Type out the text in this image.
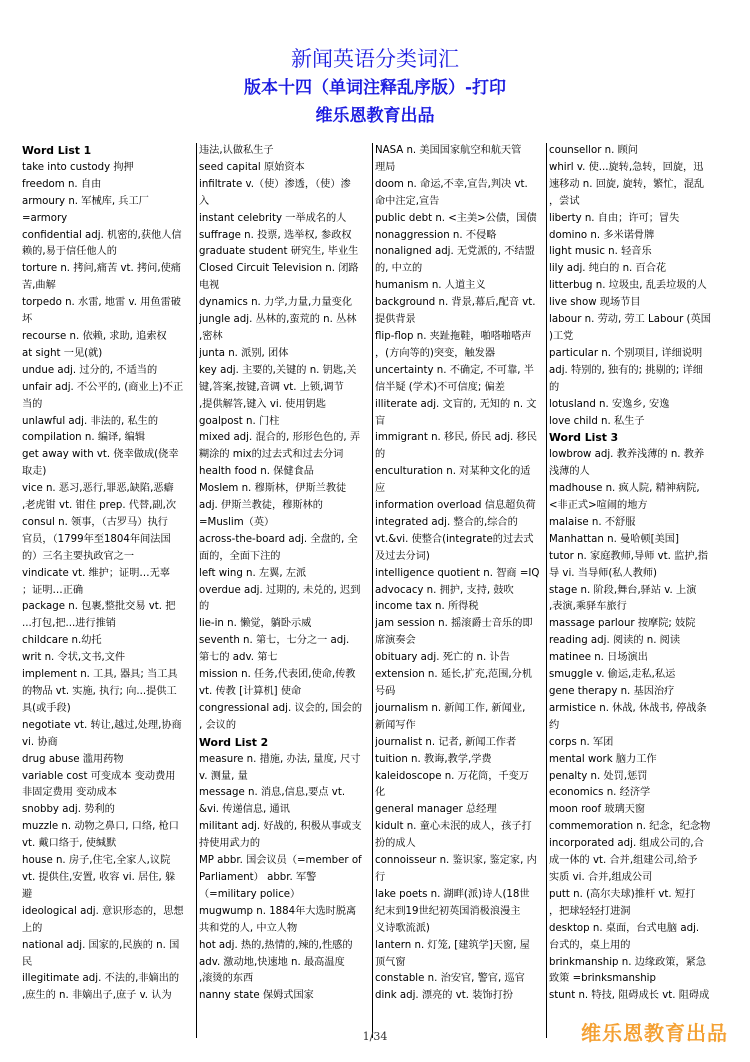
新闻英语分类词汇
版本十四（单词注释乱序版）-打印
维乐恩教育出品

Word List 1

take into custody 拘押

freedom n. 自由

armoury n. 军械库, 兵工厂

=armory

confidential adj. 机密的,获他人信

赖的,易于信任他人的

torture n. 拷问,痛苦 vt. 拷问,使痛

苦,曲解

torpedo n. 水雷, 地雷 v. 用鱼雷破

坏

recourse n. 依赖, 求助, 追索权

at sight 一见(就)

undue adj. 过分的, 不适当的

unfair adj. 不公平的, (商业上)不正

当的

unlawful adj. 非法的, 私生的

compilation n. 编译, 编辑

get away with vt. 侥幸做成(侥幸

取走)

vice n. 恶习,恶行,罪恶,缺陷,恶癖

,老虎钳 vt. 钳住 prep. 代替,副,次

consul n. 领事，（古罗马）执行

官员，（1799年至1804年间法国

的）三名主要执政官之一

vindicate vt. 维护；证明…无辜

；证明…正确

package n. 包裹,整批交易 vt. 把

...打包,把...进行推销

childcare n.幼托

writ n. 令状,文书,文件

implement n. 工具, 器具; 当工具

的物品 vt. 实施, 执行; 向...提供工

具(或手段)

negotiate vt. 转让,越过,处理,协商

vi. 协商

drug abuse 滥用药物

variable cost 可变成本 变动费用

非固定费用 变动成本

snobby adj. 势利的

muzzle n. 动物之鼻口, 口络, 枪口

vt. 戴口络于, 使缄默

house n. 房子,住宅,全家人,议院

vt. 提供住,安置, 收容 vi. 居住, 躲

避

ideological adj. 意识形态的，思想

上的

national adj. 国家的,民族的 n. 国

民

illegitimate adj. 不法的,非嫡出的

,庶生的 n. 非嫡出子,庶子 v. 认为

违法,认做私生子

seed capital 原始资本

infiltrate v.（使）渗透，（使）渗

入

instant celebrity 一举成名的人

suffrage n. 投票, 选举权, 参政权

graduate student 研究生, 毕业生

Closed Circuit Television n. 闭路

电视

dynamics n. 力学,力量,力量变化

jungle adj. 丛林的,蛮荒的 n. 丛林

,密林

junta n. 派别, 团体

key adj. 主要的,关键的 n. 钥匙,关

键,答案,按键,音调 vt. 上锁,调节

,提供解答,键入 vi. 使用钥匙

goalpost n. 门柱

mixed adj. 混合的, 形形色色的, 弄

糊涂的 mix的过去式和过去分词

health food n. 保健食品

Moslem n. 穆斯林，伊斯兰教徒

adj. 伊斯兰教徒，穆斯林的

=Muslim（英）

across-the-board adj. 全盘的, 全

面的，全面下注的

left wing n. 左翼, 左派

overdue adj. 过期的, 未兑的, 迟到

的

lie-in n. 懒觉，躺卧示威

seventh n. 第七，七分之一 adj.

第七的 adv. 第七

mission n. 任务,代表团,使命,传教

vt. 传教 [计算机] 使命

congressional adj. 议会的, 国会的

, 会议的

Word List 2

measure n. 措施, 办法, 量度, 尺寸

v. 测量, 量

message n. 消息,信息,要点 vt.

&vi. 传递信息, 通讯

militant adj. 好战的, 积极从事或支

持使用武力的

MP abbr. 国会议员（=member of

Parliament） abbr. 军警

（=military police）

mugwump n. 1884年大选时脱离

共和党的人, 中立人物

hot adj. 热的,热情的,辣的,性感的

adv. 激动地,快速地 n. 最高温度

,滚烫的东西

nanny state 保姆式国家

NASA n. 美国国家航空和航天管

理局

doom n. 命运,不幸,宣告,判决 vt.

命中注定,宣告

public debt n. <主美>公债，国债

nonaggression n. 不侵略

nonaligned adj. 无党派的, 不结盟

的, 中立的

humanism n. 人道主义

background n. 背景,幕后,配音 vt.

提供背景

flip-flop n. 夹趾拖鞋，啪嗒啪嗒声

，(方向等的)突变，触发器

uncertainty n. 不确定, 不可靠, 半

信半疑 (学术)不可信度; 偏差

illiterate adj. 文盲的, 无知的 n. 文

盲

immigrant n. 移民, 侨民 adj. 移民

的

enculturation n. 对某种文化的适

应

information overload 信息超负荷

integrated adj. 整合的,综合的

vt.&vi. 使整合(integrate的过去式

及过去分词)

intelligence quotient n. 智商 =IQ

advocacy n. 拥护, 支持, 鼓吹

income tax n. 所得税

jam session n. 摇滚爵士音乐的即

席演奏会

obituary adj. 死亡的 n. 讣告

extension n. 延长,扩充,范围,分机

号码

journalism n. 新闻工作, 新闻业,

新闻写作

journalist n. 记者, 新闻工作者

tuition n. 教诲,教学,学费

kaleidoscope n. 万花筒，千变万

化

general manager 总经理

kidult n. 童心未泯的成人，孩子打

扮的成人

connoisseur n. 鉴识家, 鉴定家, 内

行

lake poets n. 湖畔(派)诗人(18世

纪末到19世纪初英国消极浪漫主

义诗歌流派)

lantern n. 灯笼, [建筑学]天窗, 屋

顶气窗

constable n. 治安官, 警官, 巡官

dink adj. 漂亮的 vt. 装饰打扮

counsellor n. 顾问

whirl v. 使...旋转,急转，回旋，迅

速移动 n. 回旋, 旋转，繁忙，混乱

，尝试

liberty n. 自由；许可；冒失

domino n. 多米诺骨牌

light music n. 轻音乐

lily adj. 纯白的 n. 百合花

litterbug n. 垃圾虫, 乱丢垃圾的人

live show 现场节目

labour n. 劳动, 劳工 Labour (英国

)工党

particular n. 个别项目, 详细说明

adj. 特别的, 独有的; 挑剔的; 详细

的

lotusland n. 安逸乡, 安逸

love child n. 私生子

Word List 3

lowbrow adj. 教养浅薄的 n. 教养

浅薄的人

madhouse n. 疯人院, 精神病院,

<非正式>喧闹的地方

malaise n. 不舒服

Manhattan n. 曼哈顿[美国]

tutor n. 家庭教师,导师 vt. 监护,指

导 vi. 当导师(私人教师)

stage n. 阶段,舞台,驿站 v. 上演

,表演,乘驿车旅行

massage parlour 按摩院; 妓院

reading adj. 阅读的 n. 阅读

matinee n. 日场演出

smuggle v. 偷运,走私,私运

gene therapy n. 基因治疗

armistice n. 休战, 休战书, 停战条

约

corps n. 军团

mental work 脑力工作

penalty n. 处罚,惩罚

economics n. 经济学

moon roof 玻璃天窗

commemoration n. 纪念，纪念物

incorporated adj. 组成公司的,合

成一体的 vt. 合并,组建公司,给予

实质 vi. 合并,组成公司

putt n. (高尔夫球)推杆 vt. 短打

，把球轻轻打进洞

desktop n. 桌面，台式电脑 adj.

台式的，桌上用的

brinkmanship n. 边缘政策，紧急

致策 =brinksmanship

stunt n. 特技, 阻碍成长 vt. 阻碍成

1/34	维乐恩教育出品
